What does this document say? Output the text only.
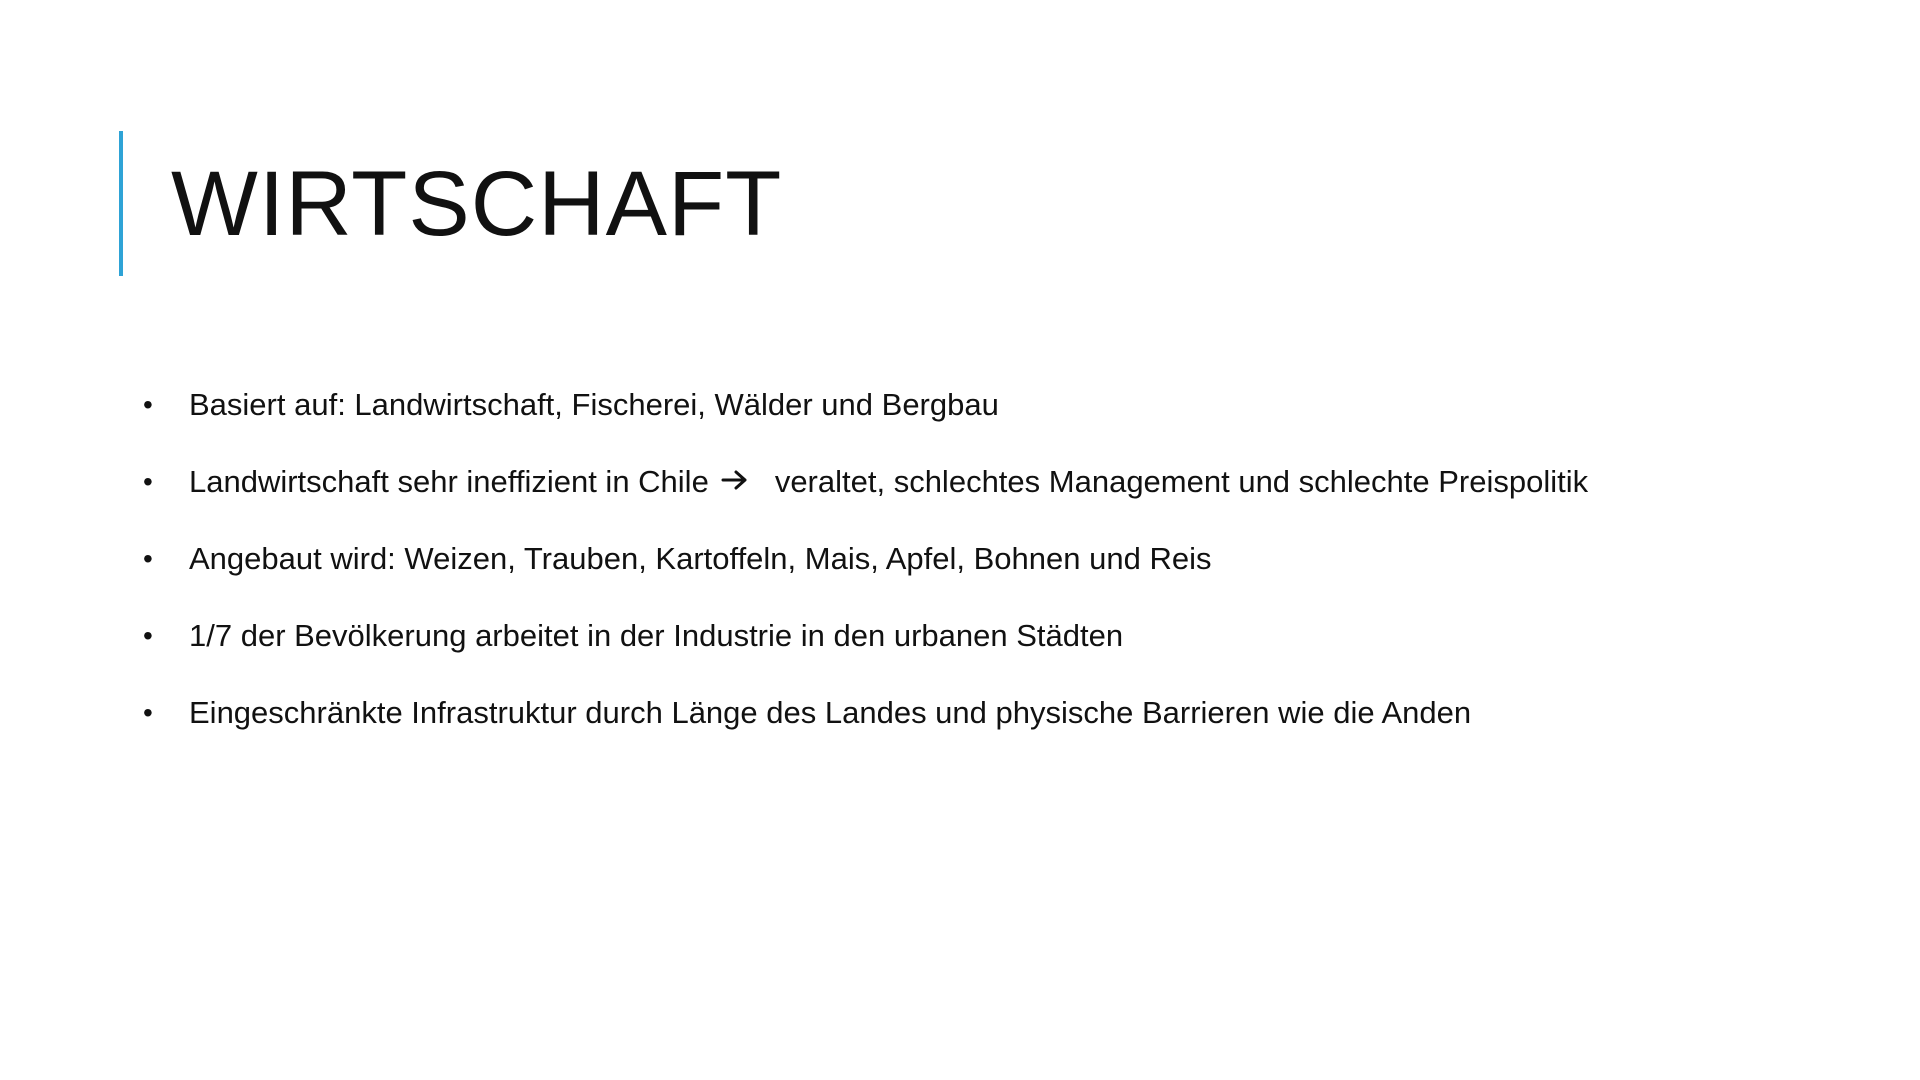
WIRTSCHAFT
•	Basiert auf: Landwirtschaft, Fischerei, Wälder und Bergbau
•	Landwirtschaft sehr ineffizient in Chile veraltet, schlechtes Management und schlechte Preispolitik
•	Angebaut wird: Weizen, Trauben, Kartoffeln, Mais, Apfel, Bohnen und Reis
•	1/7 der Bevölkerung arbeitet in der Industrie in den urbanen Städten
•	Eingeschränkte Infrastruktur durch Länge des Landes und physische Barrieren wie die Anden
